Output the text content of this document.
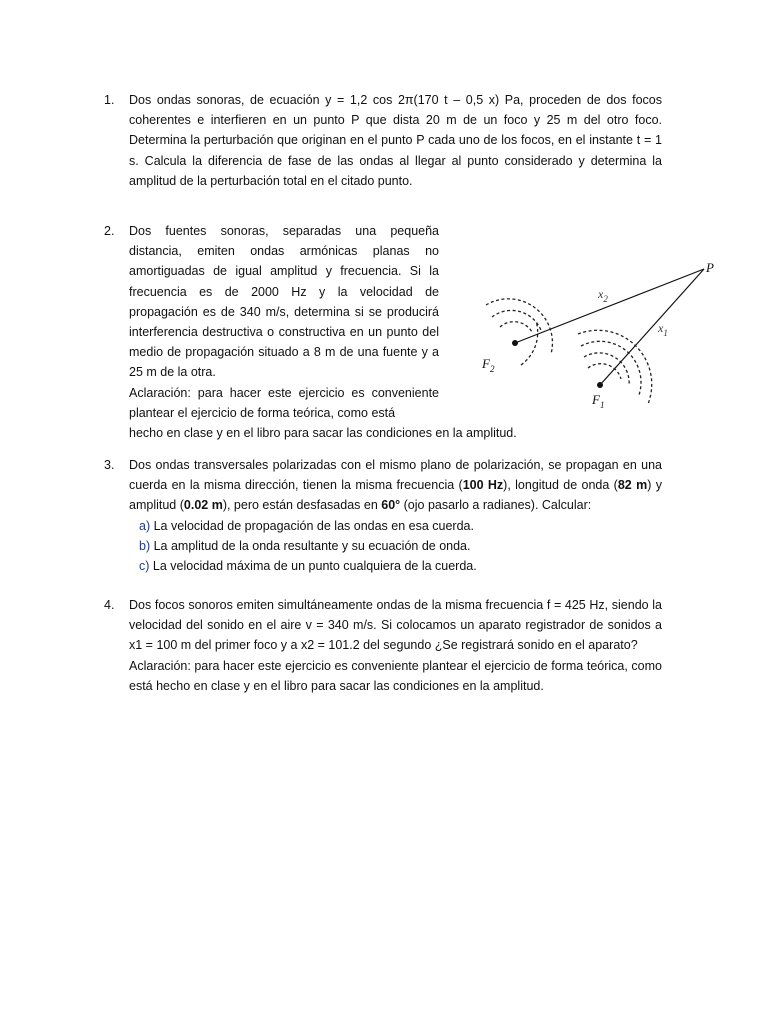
1.	Dos ondas sonoras, de ecuación y = 1,2 cos 2π(170 t – 0,5 x) Pa, proceden de dos focos coherentes e interfieren en un punto P que dista 20 m de un foco y 25 m del otro foco. Determina la perturbación que originan en el punto P cada uno de los focos, en el instante t = 1 s. Calcula la diferencia de fase de las ondas al llegar al punto considerado y determina la amplitud de la perturbación total en el citado punto.

2.	Dos fuentes sonoras, separadas una pequeña distancia, emiten ondas armónicas planas no amortiguadas de igual amplitud y frecuencia. Si la frecuencia es de 2000 Hz y la velocidad de propagación es de 340 m/s, determina si se producirá interferencia destructiva o constructiva en un punto del medio de propagación situado a 8 m de una fuente y a 25 m de la otra.

Aclaración: para hacer este ejercicio es conveniente plantear el ejercicio de forma teórica, como está

hecho en clase y en el libro para sacar las condiciones en la amplitud.
P
$x_2$
$x_1$
$F_2$
$F_1$
3.	Dos ondas transversales polarizadas con el mismo plano de polarización, se propagan en una cuerda en la misma dirección, tienen la misma frecuencia (100 Hz), longitud de onda (82 m) y amplitud (0.02 m), pero están desfasadas en 60° (ojo pasarlo a radianes). Calcular:

a) La velocidad de propagación de las ondas en esa cuerda.
b) La amplitud de la onda resultante y su ecuación de onda.
c) La velocidad máxima de un punto cualquiera de la cuerda.
4.	Dos focos sonoros emiten simultáneamente ondas de la misma frecuencia f = 425 Hz, siendo la velocidad del sonido en el aire v = 340 m/s. Si colocamos un aparato registrador de sonidos a x1 = 100 m del primer foco y a x2 = 101.2 del segundo ¿Se registrará sonido en el aparato?

Aclaración: para hacer este ejercicio es conveniente plantear el ejercicio de forma teórica, como está hecho en clase y en el libro para sacar las condiciones en la amplitud.
